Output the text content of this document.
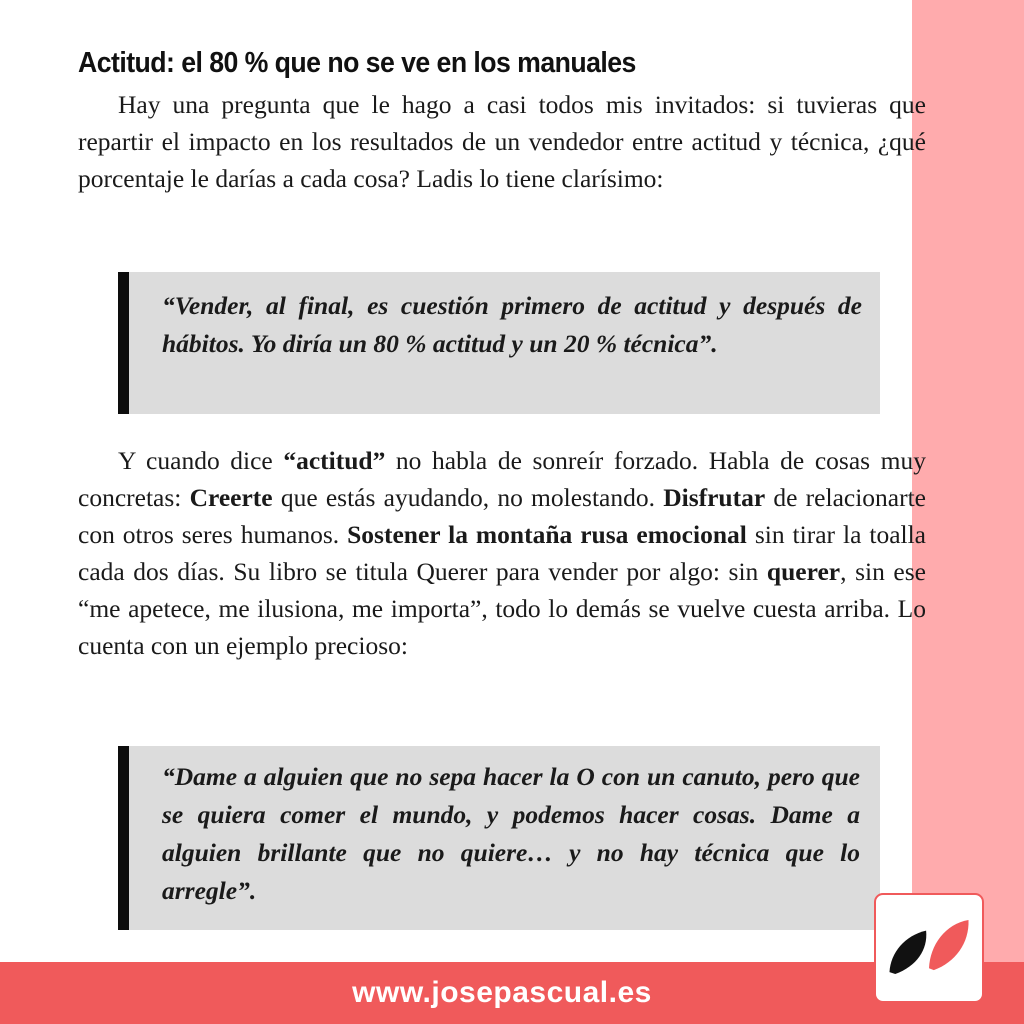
Actitud: el 80 % que no se ve en los manuales

Hay una pregunta que le hago a casi todos mis invitados: si tuvieras que repartir el impacto en los resultados de un vendedor entre actitud y técnica, ¿qué porcentaje le darías a cada cosa? Ladis lo tiene clarísimo:

“Vender, al final, es cuestión primero de actitud y después de hábitos. Yo diría un 80 % actitud y un 20 % técnica”.

Y cuando dice “actitud” no habla de sonreír forzado. Habla de cosas muy concretas: Creerte que estás ayudando, no molestando. Disfrutar de relacionarte con otros seres humanos. Sostener la montaña rusa emocional sin tirar la toalla cada dos días. Su libro se titula Querer para vender por algo: sin querer, sin ese “me apetece, me ilusiona, me importa”, todo lo demás se vuelve cuesta arriba. Lo cuenta con un ejemplo precioso:

“Dame a alguien que no sepa hacer la O con un canuto, pero que se quiera comer el mundo, y podemos hacer cosas. Dame a alguien brillante que no quiere… y no hay técnica que lo arregle”.

www.josepascual.es
